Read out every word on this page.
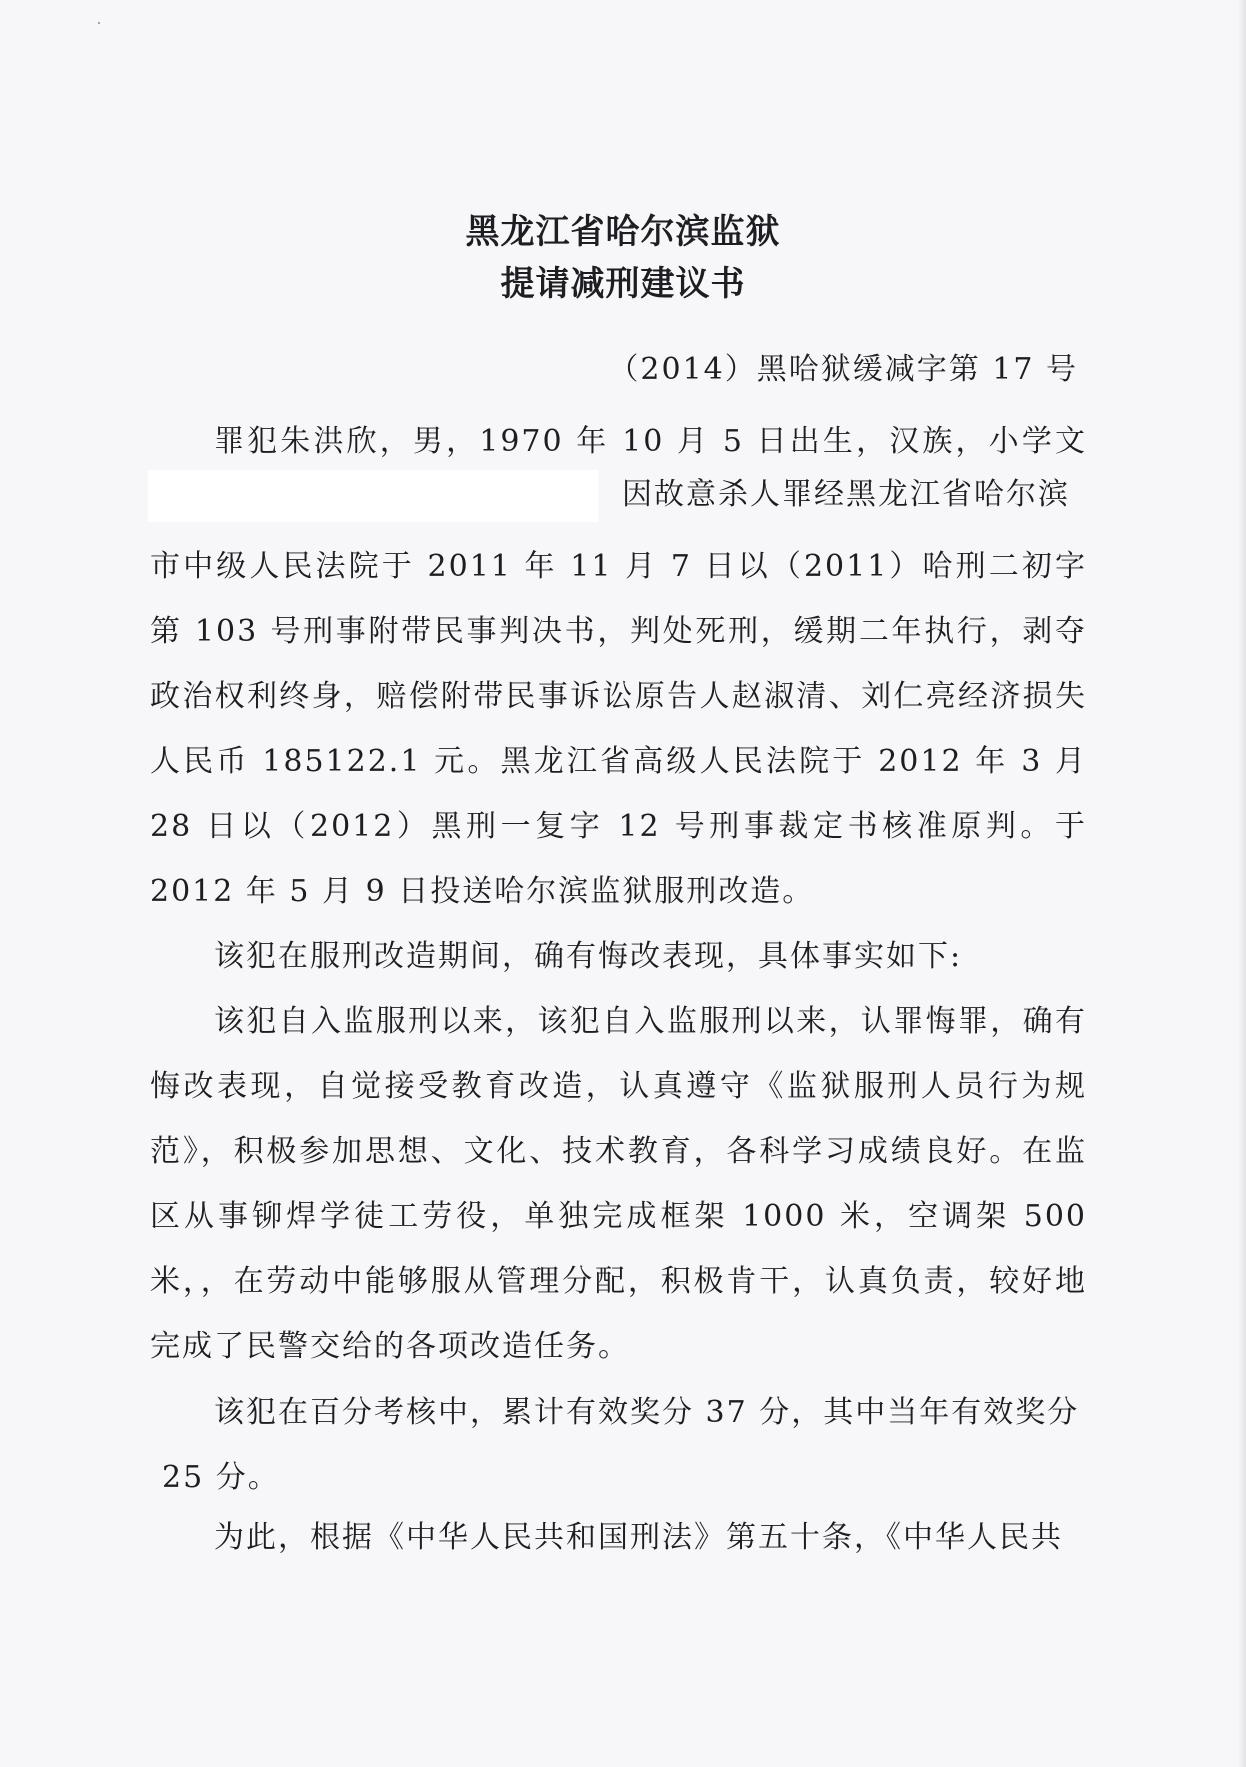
黑龙江省哈尔滨监狱
提请减刑建议书
（2014）黑哈狱缓减字第 17 号

罪犯朱洪欣，男，1970 年 10 月 5 日出生，汉族，小学文

因故意杀人罪经黑龙江省哈尔滨

市中级人民法院于 2011 年 11 月 7 日以（2011）哈刑二初字第 103 号刑事附带民事判决书，判处死刑，缓期二年执行，剥夺政治权利终身，赔偿附带民事诉讼原告人赵淑清、刘仁亮经济损失人民币 185122.1 元。黑龙江省高级人民法院于 2012 年 3 月 28 日以（2012）黑刑一复字 12 号刑事裁定书核准原判。于 2012 年 5 月 9 日投送哈尔滨监狱服刑改造。

该犯在服刑改造期间，确有悔改表现，具体事实如下:

该犯自入监服刑以来，该犯自入监服刑以来，认罪悔罪，确有悔改表现，自觉接受教育改造，认真遵守《监狱服刑人员行为规范》，积极参加思想、文化、技术教育，各科学习成绩良好。在监区从事铆焊学徒工劳役，单独完成框架 1000 米，空调架 500 米，，在劳动中能够服从管理分配，积极肯干，认真负责，较好地完成了民警交给的各项改造任务。

该犯在百分考核中，累计有效奖分 37 分，其中当年有效奖分

25 分。

为此，根据《中华人民共和国刑法》第五十条，《中华人民共
